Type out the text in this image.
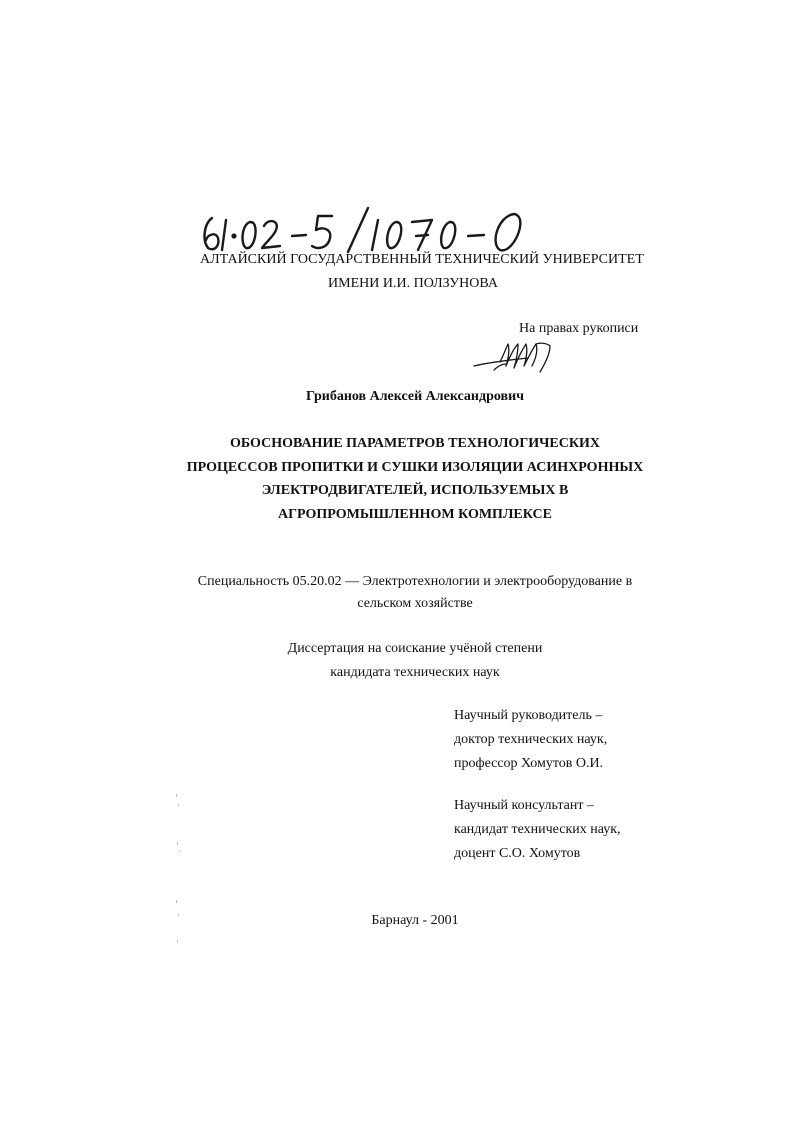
АЛТАЙСКИЙ ГОСУДАРСТВЕННЫЙ ТЕХНИЧЕСКИЙ УНИВЕРСИТЕТ
ИМЕНИ И.И. ПОЛЗУНОВА
На правах рукописи
Грибанов Алексей Александрович
ОБОСНОВАНИЕ ПАРАМЕТРОВ ТЕХНОЛОГИЧЕСКИХ
ПРОЦЕССОВ ПРОПИТКИ И СУШКИ ИЗОЛЯЦИИ АСИНХРОННЫХ
ЭЛЕКТРОДВИГАТЕЛЕЙ, ИСПОЛЬЗУЕМЫХ В
АГРОПРОМЫШЛЕННОМ КОМПЛЕКСЕ
Специальность 05.20.02 — Электротехнологии и электрооборудование в
сельском хозяйстве
Диссертация на соискание учёной степени
кандидата технических наук
Научный руководитель –
доктор технических наук,
профессор Хомутов О.И.
Научный консультант –
кандидат технических наук,
доцент С.О. Хомутов
Барнаул - 2001
